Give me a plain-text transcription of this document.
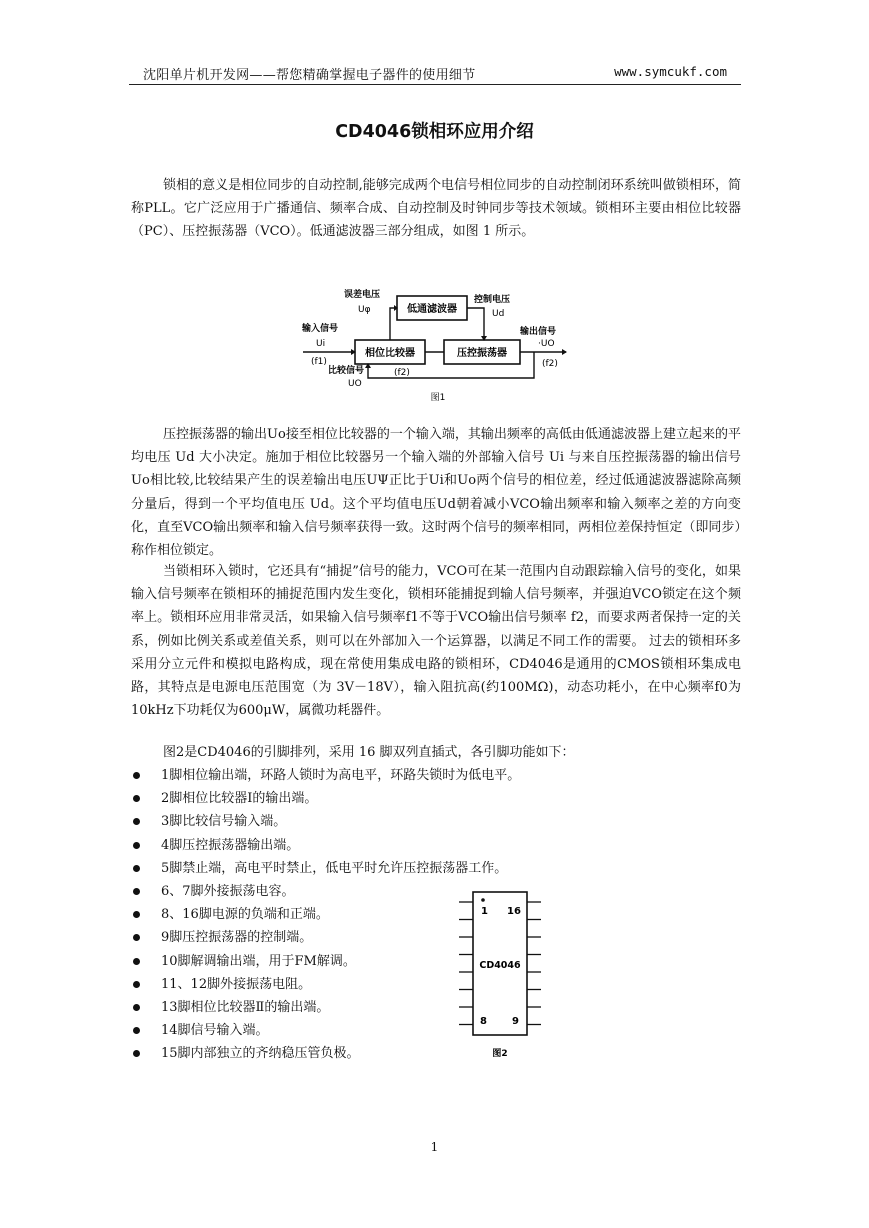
沈阳单片机开发网——帮您精确掌握电子器件的使用细节	www.symcukf.com
CD4046锁相环应用介绍
锁相的意义是相位同步的自动控制,能够完成两个电信号相位同步的自动控制闭环系统叫做锁相环，简称PLL。它广泛应用于广播通信、频率合成、自动控制及时钟同步等技术领域。锁相环主要由相位比较器（PC）、压控振荡器（VCO）。低通滤波器三部分组成，如图 1 所示。
低通滤波器
相位比较器	压控振荡器
误差电压
Uφ
控制电压
Ud
输入信号
Ui
(f1)
输出信号
·UO
(f2)
比较信号
UO
(f2)
图1
压控振荡器的输出Uo接至相位比较器的一个输入端，其输出频率的高低由低通滤波器上建立起来的平均电压 Ud 大小决定。施加于相位比较器另一个输入端的外部输入信号 Ui 与来自压控振荡器的输出信号Uo相比较,比较结果产生的误差输出电压UΨ正比于Ui和Uo两个信号的相位差，经过低通滤波器滤除高频分量后，得到一个平均值电压 Ud。这个平均值电压Ud朝着减小VCO输出频率和输入频率之差的方向变化，直至VCO输出频率和输入信号频率获得一致。这时两个信号的频率相同，两相位差保持恒定（即同步）称作相位锁定。
当锁相环入锁时，它还具有“捕捉”信号的能力，VCO可在某一范围内自动跟踪输入信号的变化，如果输入信号频率在锁相环的捕捉范围内发生变化，锁相环能捕捉到输人信号频率，并强迫VCO锁定在这个频率上。锁相环应用非常灵活，如果输入信号频率f1不等于VCO输出信号频率 f2，而要求两者保持一定的关系，例如比例关系或差值关系，则可以在外部加入一个运算器，以满足不同工作的需要。 过去的锁相环多采用分立元件和模拟电路构成，现在常使用集成电路的锁相环，CD4046是通用的CMOS锁相环集成电路，其特点是电源电压范围宽（为 3V－18V），输入阻抗高(约100MΩ)，动态功耗小，在中心频率f0为10kHz下功耗仅为600μW，属微功耗器件。
图2是CD4046的引脚排列，采用 16 脚双列直插式，各引脚功能如下：
1脚相位输出端，环路人锁时为高电平，环路失锁时为低电平。
2脚相位比较器Ⅰ的输出端。
3脚比较信号输入端。
4脚压控振荡器输出端。
5脚禁止端，高电平时禁止，低电平时允许压控振荡器工作。
6、7脚外接振荡电容。
8、16脚电源的负端和正端。
9脚压控振荡器的控制端。
10脚解调输出端，用于FM解调。
11、12脚外接振荡电阻。
13脚相位比较器Ⅱ的输出端。
14脚信号输入端。
15脚内部独立的齐纳稳压管负极。
1 16
CD4046
8	9
图2
1
